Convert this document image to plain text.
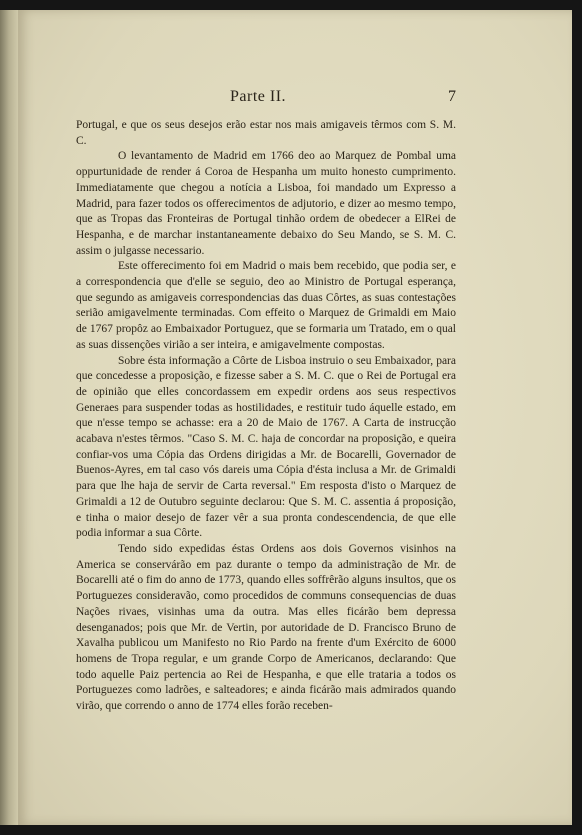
Parte II.	7

Portugal, e que os seus desejos erão estar nos mais amigaveis têrmos com S. M. C.

O levantamento de Madrid em 1766 deo ao Marquez de Pombal uma oppurtunidade de render á Coroa de Hespanha um muito honesto cumprimento. Immediatamente que chegou a notícia a Lisboa, foi mandado um Expresso a Madrid, para fazer todos os offerecimentos de adjutorio, e dizer ao mesmo tempo, que as Tropas das Fronteiras de Portugal tinhão ordem de obedecer a ElRei de Hespanha, e de marchar instantaneamente debaixo do Seu Mando, se S. M. C. assim o julgasse necessario.

Este offerecimento foi em Madrid o mais bem recebido, que podia ser, e a correspondencia que d'elle se seguio, deo ao Ministro de Portugal esperança, que segundo as amigaveis correspondencias das duas Côrtes, as suas contestações serião amigavelmente terminadas. Com effeito o Marquez de Grimaldi em Maio de 1767 propôz ao Embaixador Portuguez, que se formaria um Tratado, em o qual as suas dissenções virião a ser inteira, e amigavelmente compostas.

Sobre ésta informação a Côrte de Lisboa instruio o seu Embaixador, para que concedesse a proposição, e fizesse saber a S. M. C. que o Rei de Portugal era de opinião que elles concordassem em expedir ordens aos seus respectivos Generaes para suspender todas as hostilidades, e restituir tudo áquelle estado, em que n'esse tempo se achasse: era a 20 de Maio de 1767. A Carta de instrucção acabava n'estes têrmos. "Caso S. M. C. haja de concordar na proposição, e queira confiar-vos uma Cópia das Ordens dirigidas a Mr. de Bocarelli, Governador de Buenos-Ayres, em tal caso vós dareis uma Cópia d'ésta inclusa a Mr. de Grimaldi para que lhe haja de servir de Carta reversal." Em resposta d'isto o Marquez de Grimaldi a 12 de Outubro seguinte declarou: Que S. M. C. assentia á proposição, e tinha o maior desejo de fazer vêr a sua pronta condescendencia, de que elle podia informar a sua Côrte.

Tendo sido expedidas éstas Ordens aos dois Governos visinhos na America se conservárão em paz durante o tempo da administração de Mr. de Bocarelli até o fim do anno de 1773, quando elles soffrêrão alguns insultos, que os Portuguezes consideravão, como procedidos de communs consequencias de duas Nações rivaes, visinhas uma da outra. Mas elles ficárão bem depressa desenganados; pois que Mr. de Vertin, por autoridade de D. Francisco Bruno de Xavalha publicou um Manifesto no Rio Pardo na frente d'um Exército de 6000 homens de Tropa regular, e um grande Corpo de Americanos, declarando: Que todo aquelle Paiz pertencia ao Rei de Hespanha, e que elle trataria a todos os Portuguezes como ladrões, e salteadores; e ainda ficárão mais admirados quando virão, que correndo o anno de 1774 elles forão receben-
